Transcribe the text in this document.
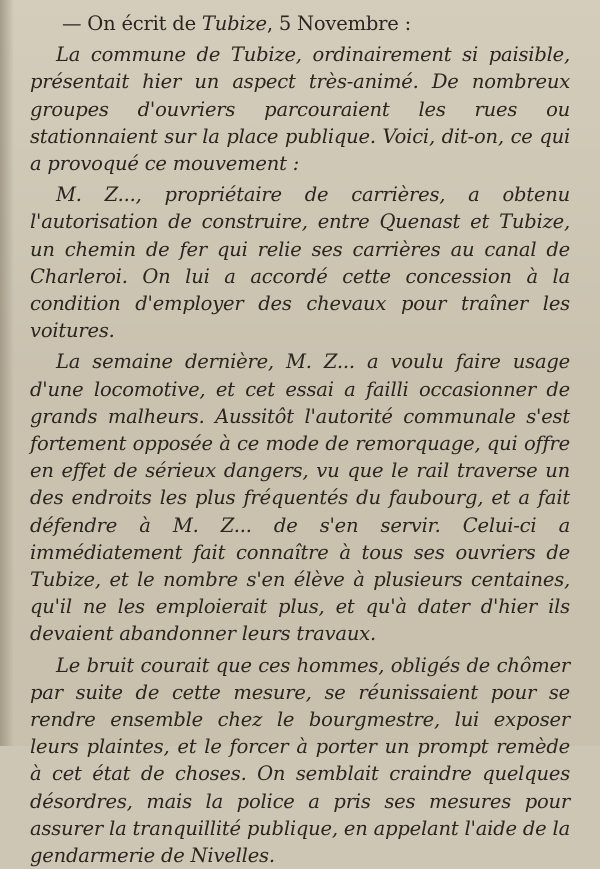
— On écrit de Tubize, 5 Novembre :

La commune de Tubize, ordinairement si paisible, présentait hier un aspect très-animé. De nombreux groupes d'ouvriers parcouraient les rues ou stationnaient sur la place publique. Voici, dit-on, ce qui a provoqué ce mouvement :

M. Z..., propriétaire de carrières, a obtenu l'autorisation de construire, entre Quenast et Tubize, un chemin de fer qui relie ses carrières au canal de Charleroi. On lui a accordé cette concession à la condition d'employer des chevaux pour traîner les voitures.

La semaine dernière, M. Z... a voulu faire usage d'une locomotive, et cet essai a failli occasionner de grands malheurs. Aussitôt l'autorité communale s'est fortement opposée à ce mode de remorquage, qui offre en effet de sérieux dangers, vu que le rail traverse un des endroits les plus fréquentés du faubourg, et a fait défendre à M. Z... de s'en servir. Celui-ci a immédiatement fait connaître à tous ses ouvriers de Tubize, et le nombre s'en élève à plusieurs centaines, qu'il ne les emploierait plus, et qu'à dater d'hier ils devaient abandonner leurs travaux.

Le bruit courait que ces hommes, obligés de chômer par suite de cette mesure, se réunissaient pour se rendre ensemble chez le bourgmestre, lui exposer leurs plaintes, et le forcer à porter un prompt remède à cet état de choses. On semblait craindre quelques désordres, mais la police a pris ses mesures pour assurer la tranquillité publique, en appelant l'aide de la gendarmerie de Nivelles.
